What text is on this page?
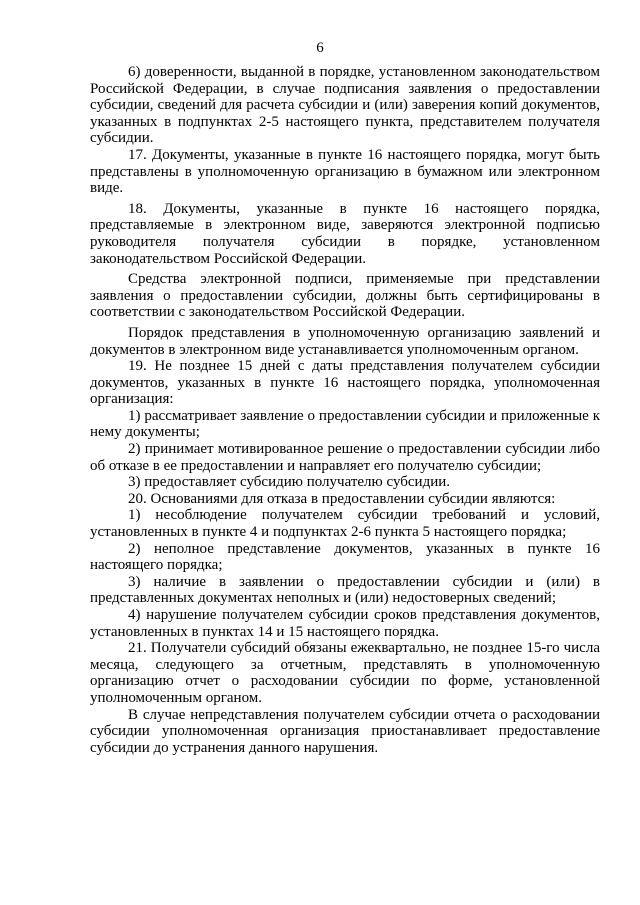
6

6) доверенности, выданной в порядке, установленном законодательством Российской Федерации, в случае подписания заявления о предоставлении субсидии, сведений для расчета субсидии и (или) заверения копий документов, указанных в подпунктах 2-5 настоящего пункта, представителем получателя субсидии.

17. Документы, указанные в пункте 16 настоящего порядка, могут быть представлены в уполномоченную организацию в бумажном или электронном виде.

18. Документы, указанные в пункте 16 настоящего порядка, представляемые в электронном виде, заверяются электронной подписью руководителя получателя субсидии в порядке, установленном законодательством Российской Федерации.

Средства электронной подписи, применяемые при представлении заявления о предоставлении субсидии, должны быть сертифицированы в соответствии с законодательством Российской Федерации.

Порядок представления в уполномоченную организацию заявлений и документов в электронном виде устанавливается уполномоченным органом.

19. Не позднее 15 дней с даты представления получателем субсидии документов, указанных в пункте 16 настоящего порядка, уполномоченная организация:

1) рассматривает заявление о предоставлении субсидии и приложенные к нему документы;

2) принимает мотивированное решение о предоставлении субсидии либо об отказе в ее предоставлении и направляет его получателю субсидии;

3) предоставляет субсидию получателю субсидии.

20. Основаниями для отказа в предоставлении субсидии являются:

1) несоблюдение получателем субсидии требований и условий, установленных в пункте 4 и подпунктах 2-6 пункта 5 настоящего порядка;

2) неполное представление документов, указанных в пункте 16 настоящего порядка;

3) наличие в заявлении о предоставлении субсидии и (или) в представленных документах неполных и (или) недостоверных сведений;

4) нарушение получателем субсидии сроков представления документов, установленных в пунктах 14 и 15 настоящего порядка.

21. Получатели субсидий обязаны ежеквартально, не позднее 15-го числа месяца, следующего за отчетным, представлять в уполномоченную организацию отчет о расходовании субсидии по форме, установленной уполномоченным органом.

В случае непредставления получателем субсидии отчета о расходовании субсидии уполномоченная организация приостанавливает предоставление субсидии до устранения данного нарушения.
